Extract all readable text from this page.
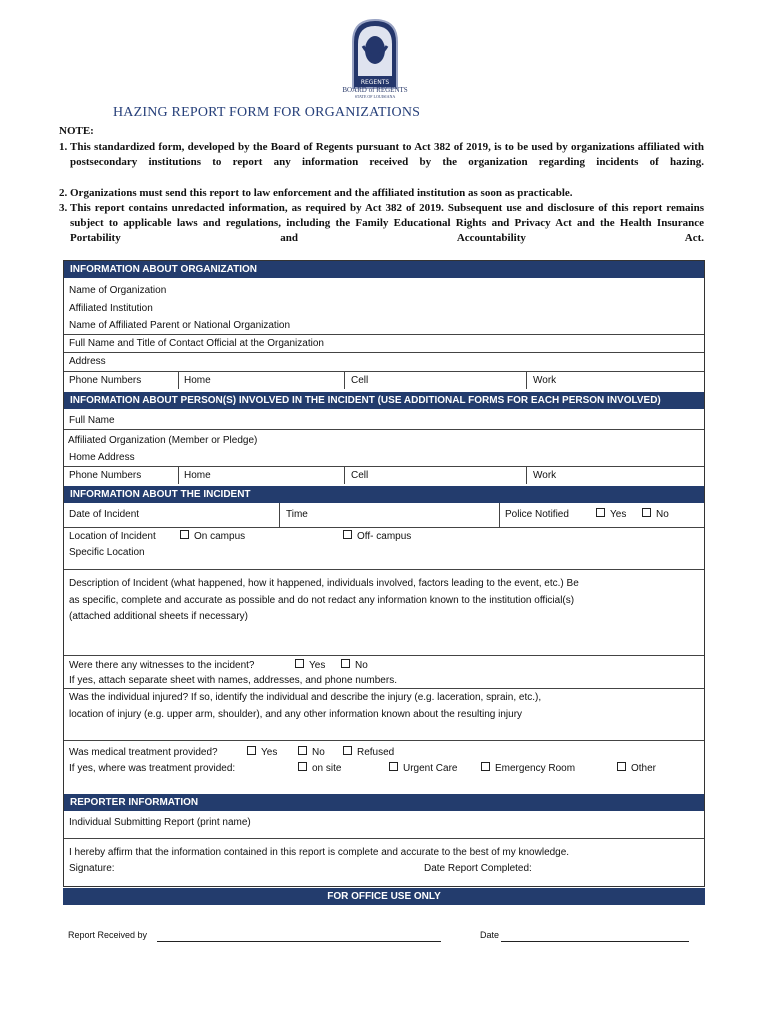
REGENTS
BOARD of REGENTS
STATE OF LOUISIANA
HAZING REPORT FORM FOR ORGANIZATIONS
NOTE:
1. This standardized form, developed by the Board of Regents pursuant to Act 382 of 2019, is to be used by organizations affiliated with postsecondary institutions to report any information received by the organization regarding incidents of hazing.
2. Organizations must send this report to law enforcement and the affiliated institution as soon as practicable.
3. This report contains unredacted information, as required by Act 382 of 2019. Subsequent use and disclosure of this report remains subject to applicable laws and regulations, including the Family Educational Rights and Privacy Act and the Health Insurance Portability and Accountability Act.
INFORMATION ABOUT ORGANIZATION
Name of Organization
Affiliated Institution
Name of Affiliated Parent or National Organization
Full Name and Title of Contact Official at the Organization
Address
Phone Numbers	Home	Cell	Work
INFORMATION ABOUT PERSON(S) INVOLVED IN THE INCIDENT (USE ADDITIONAL FORMS FOR EACH PERSON INVOLVED)
Full Name
Affiliated Organization (Member or Pledge)
Home Address
Phone Numbers	Home	Cell	Work
INFORMATION ABOUT THE INCIDENT
Date of Incident	Time	Police Notified	Yes	No
Location of Incident	On campus	Off- campus
Specific Location
Description of Incident (what happened, how it happened, individuals involved, factors leading to the event, etc.) Be
as specific, complete and accurate as possible and do not redact any information known to the institution official(s)
(attached additional sheets if necessary)
Were there any witnesses to the incident?	Yes	No
If yes, attach separate sheet with names, addresses, and phone numbers.
Was the individual injured? If so, identify the individual and describe the injury (e.g. laceration, sprain, etc.),
location of injury (e.g. upper arm, shoulder), and any other information known about the resulting injury
Was medical treatment provided?	Yes	No	Refused
If yes, where was treatment provided:	on site	Urgent Care	Emergency Room	Other
REPORTER INFORMATION
Individual Submitting Report (print name)
I hereby affirm that the information contained in this report is complete and accurate to the best of my knowledge.
Signature:	Date Report Completed:
FOR OFFICE USE ONLY
Report Received by	Date
